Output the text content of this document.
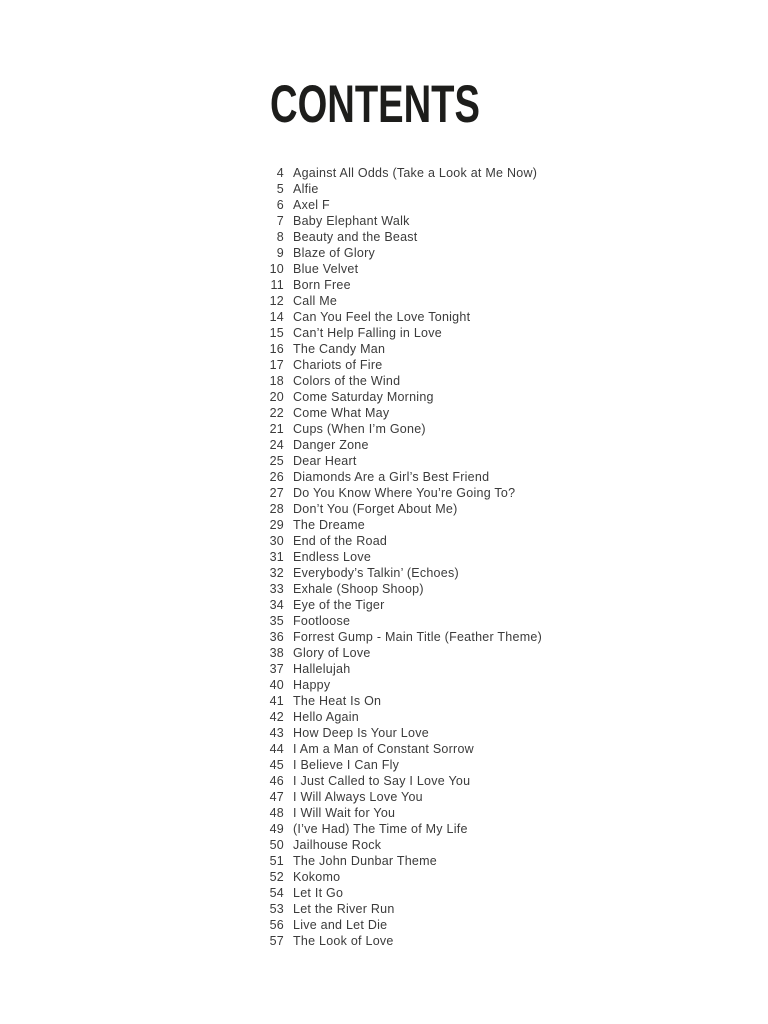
CONTENTS
4 Against All Odds (Take a Look at Me Now)
5 Alfie
6 Axel F
7 Baby Elephant Walk
8 Beauty and the Beast
9 Blaze of Glory
10 Blue Velvet
11 Born Free
12 Call Me
14 Can You Feel the Love Tonight
15 Can’t Help Falling in Love
16 The Candy Man
17 Chariots of Fire
18 Colors of the Wind
20 Come Saturday Morning
22 Come What May
21 Cups (When I’m Gone)
24 Danger Zone
25 Dear Heart
26 Diamonds Are a Girl’s Best Friend
27 Do You Know Where You’re Going To?
28 Don’t You (Forget About Me)
29 The Dreame
30 End of the Road
31 Endless Love
32 Everybody’s Talkin’ (Echoes)
33 Exhale (Shoop Shoop)
34 Eye of the Tiger
35 Footloose
36 Forrest Gump - Main Title (Feather Theme)
38 Glory of Love
37 Hallelujah
40 Happy
41 The Heat Is On
42 Hello Again
43 How Deep Is Your Love
44 I Am a Man of Constant Sorrow
45 I Believe I Can Fly
46 I Just Called to Say I Love You
47 I Will Always Love You
48 I Will Wait for You
49 (I’ve Had) The Time of My Life
50 Jailhouse Rock
51 The John Dunbar Theme
52 Kokomo
54 Let It Go
53 Let the River Run
56 Live and Let Die
57 The Look of Love
